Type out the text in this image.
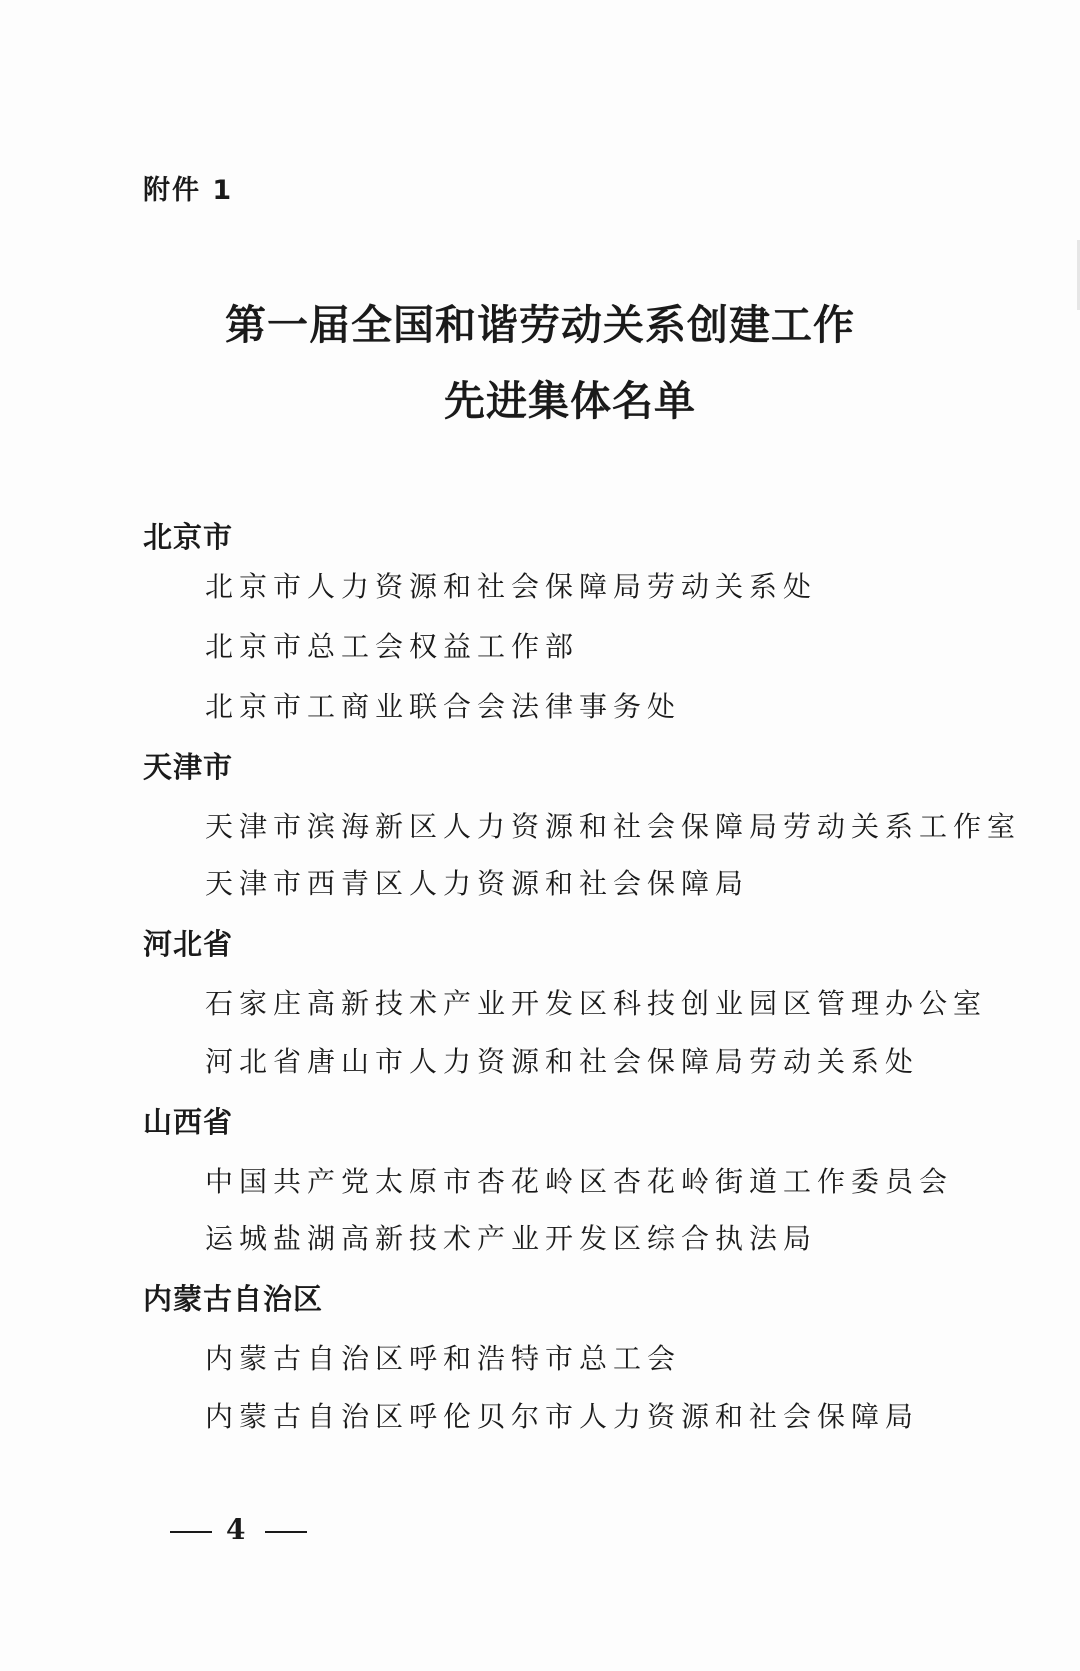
附件 1

第一届全国和谐劳动关系创建工作
先进集体名单
北京市
北京市人力资源和社会保障局劳动关系处
北京市总工会权益工作部
北京市工商业联合会法律事务处
天津市
天津市滨海新区人力资源和社会保障局劳动关系工作室
天津市西青区人力资源和社会保障局
河北省
石家庄高新技术产业开发区科技创业园区管理办公室
河北省唐山市人力资源和社会保障局劳动关系处
山西省
中国共产党太原市杏花岭区杏花岭街道工作委员会
运城盐湖高新技术产业开发区综合执法局
内蒙古自治区
内蒙古自治区呼和浩特市总工会
内蒙古自治区呼伦贝尔市人力资源和社会保障局
4
